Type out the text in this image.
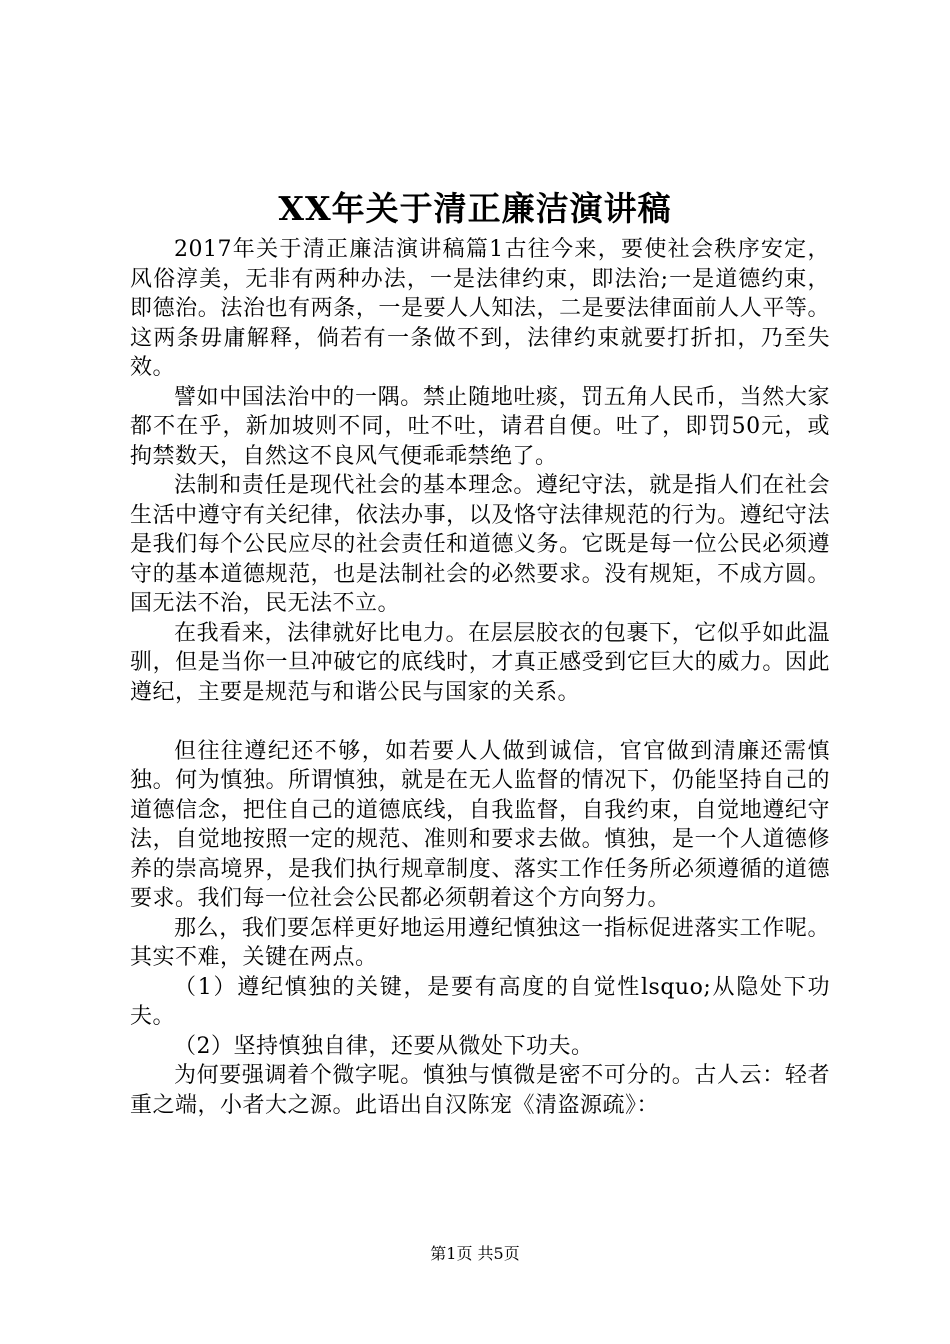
XX年关于清正廉洁演讲稿

2017年关于清正廉洁演讲稿篇1古往今来，要使社会秩序安定，风俗淳美，无非有两种办法，一是法律约束，即法治;一是道德约束，即德治。法治也有两条，一是要人人知法，二是要法律面前人人平等。这两条毋庸解释，倘若有一条做不到，法律约束就要打折扣，乃至失效。

譬如中国法治中的一隅。禁止随地吐痰，罚五角人民币，当然大家都不在乎，新加坡则不同，吐不吐，请君自便。吐了，即罚50元，或拘禁数天，自然这不良风气便乖乖禁绝了。

法制和责任是现代社会的基本理念。遵纪守法，就是指人们在社会生活中遵守有关纪律，依法办事，以及恪守法律规范的行为。遵纪守法是我们每个公民应尽的社会责任和道德义务。它既是每一位公民必须遵守的基本道德规范，也是法制社会的必然要求。没有规矩，不成方圆。国无法不治，民无法不立。

在我看来，法律就好比电力。在层层胶衣的包裹下，它似乎如此温驯，但是当你一旦冲破它的底线时，才真正感受到它巨大的威力。因此遵纪，主要是规范与和谐公民与国家的关系。

但往往遵纪还不够，如若要人人做到诚信，官官做到清廉还需慎独。何为慎独。所谓慎独，就是在无人监督的情况下，仍能坚持自己的道德信念，把住自己的道德底线，自我监督，自我约束，自觉地遵纪守法，自觉地按照一定的规范、准则和要求去做。慎独，是一个人道德修养的崇高境界，是我们执行规章制度、落实工作任务所必须遵循的道德要求。我们每一位社会公民都必须朝着这个方向努力。

那么，我们要怎样更好地运用遵纪慎独这一指标促进落实工作呢。其实不难，关键在两点。

（1）遵纪慎独的关键，是要有高度的自觉性lsquo;从隐处下功夫。

（2）坚持慎独自律，还要从微处下功夫。

为何要强调着个微字呢。慎独与慎微是密不可分的。古人云：轻者重之端，小者大之源。此语出自汉陈宠《清盗源疏》：

第1页 共5页
